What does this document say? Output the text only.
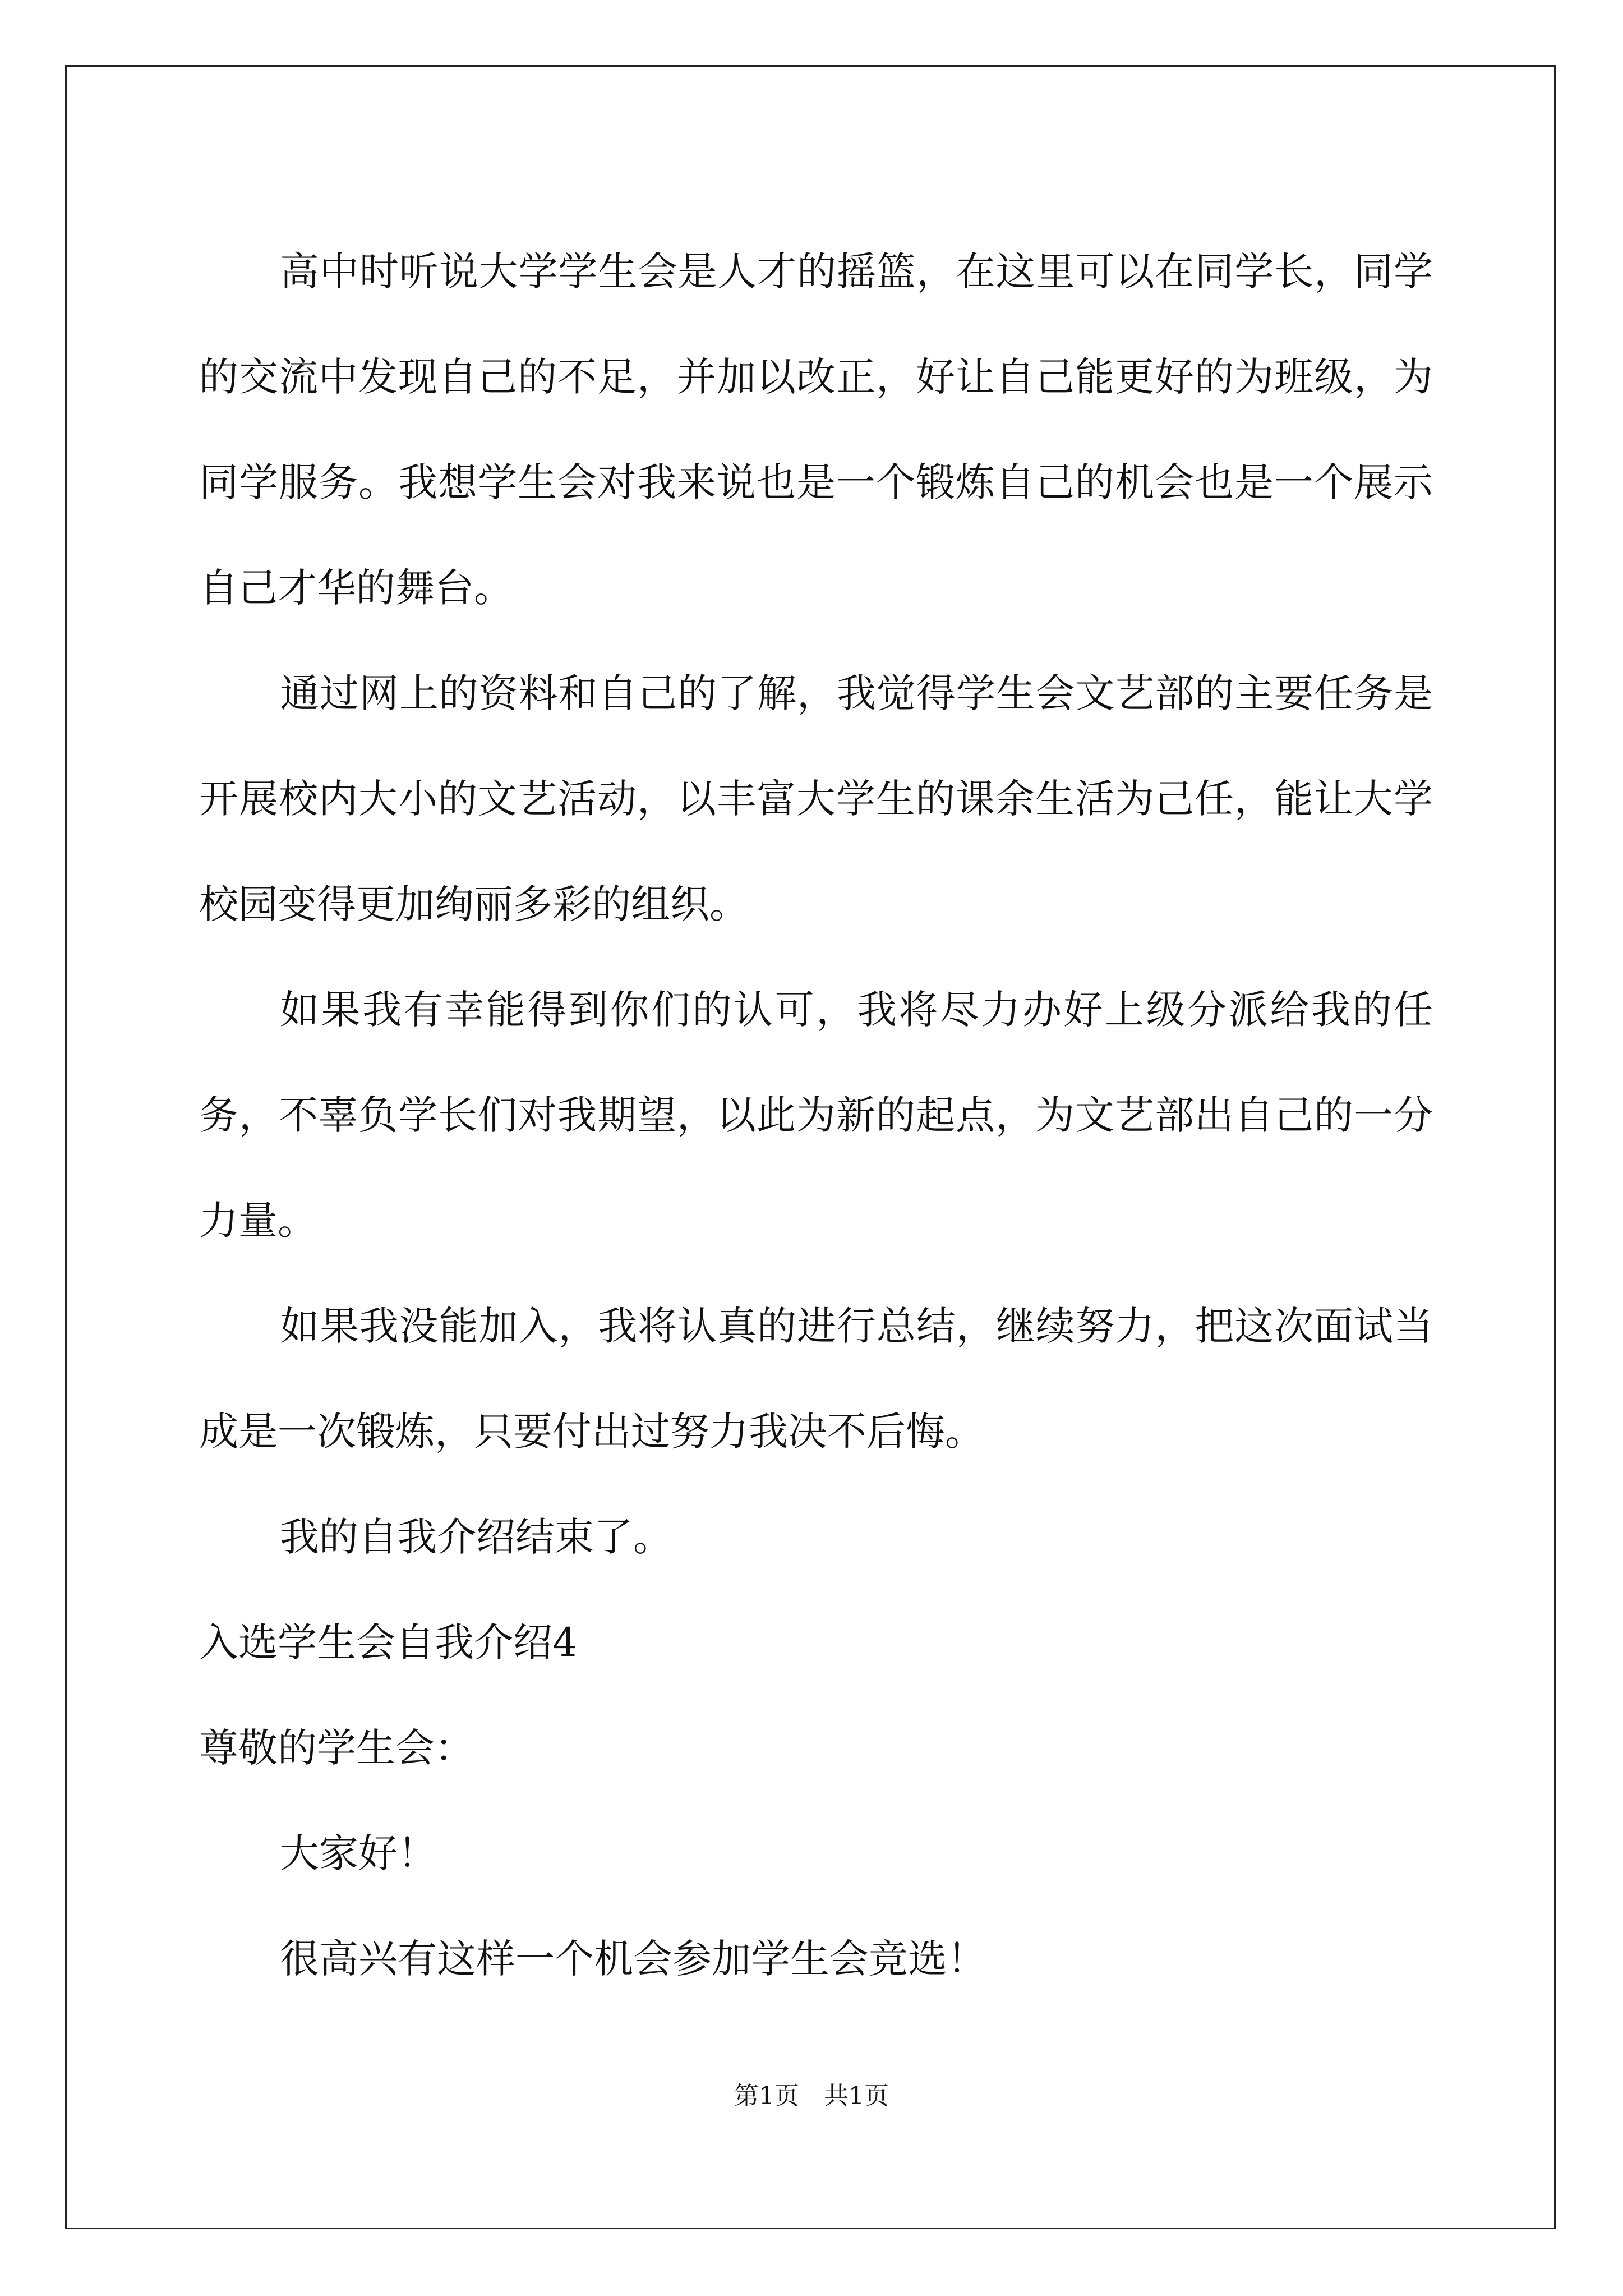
高中时听说大学学生会是人才的摇篮，在这里可以在同学长，同学的交流中发现自己的不足，并加以改正，好让自己能更好的为班级，为同学服务。我想学生会对我来说也是一个锻炼自己的机会也是一个展示自己才华的舞台。

通过网上的资料和自己的了解，我觉得学生会文艺部的主要任务是开展校内大小的文艺活动，以丰富大学生的课余生活为己任，能让大学校园变得更加绚丽多彩的组织。

如果我有幸能得到你们的认可，我将尽力办好上级分派给我的任务，不辜负学长们对我期望，以此为新的起点，为文艺部出自己的一分力量。

如果我没能加入，我将认真的进行总结，继续努力，把这次面试当成是一次锻炼，只要付出过努力我决不后悔。

我的自我介绍结束了。

入选学生会自我介绍4

尊敬的学生会：

大家好！

很高兴有这样一个机会参加学生会竞选！

第1页 共1页
